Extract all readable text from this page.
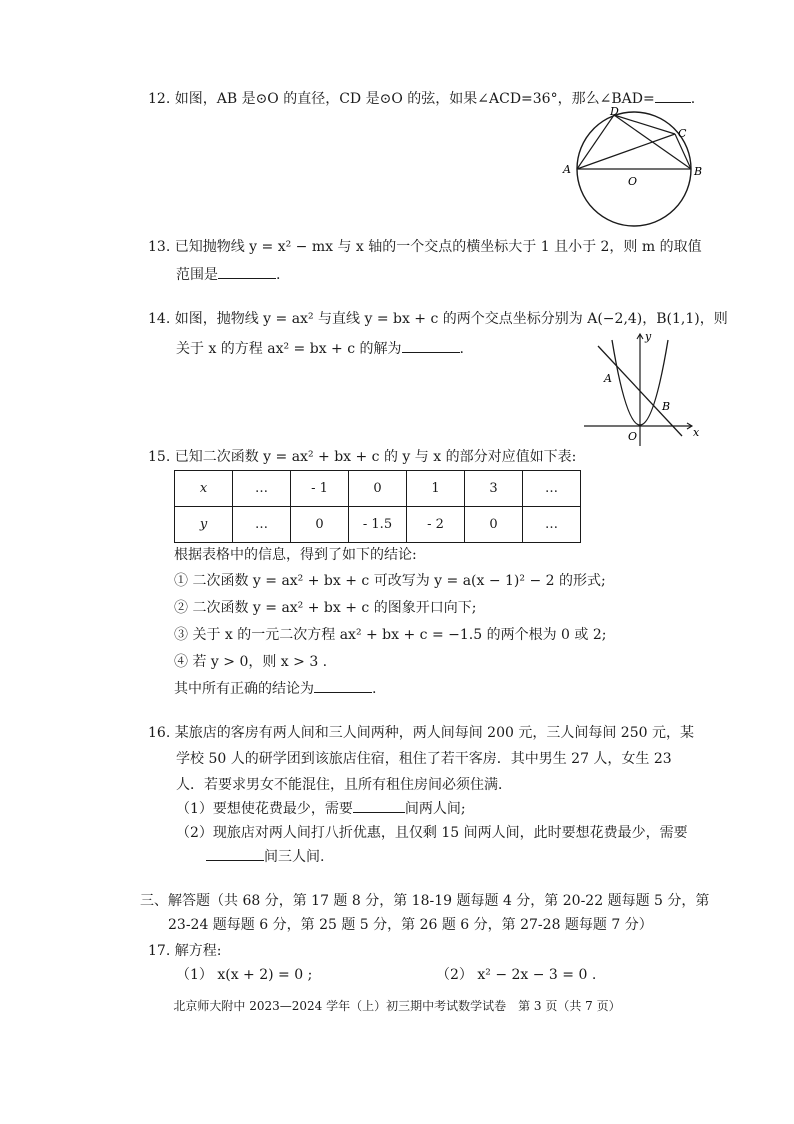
12. 如图，AB 是⊙O 的直径，CD 是⊙O 的弦，如果∠ACD=36°，那么∠BAD=	.
A	B
C
D
O
13. 已知抛物线 y = x² − mx 与 x 轴的一个交点的横坐标大于 1 且小于 2，则 m 的取值
范围是	.
14. 如图，抛物线 y = ax² 与直线 y = bx + c 的两个交点坐标分别为 A(−2,4)，B(1,1)，则
关于 x 的方程 ax² = bx + c 的解为	.
y
x
O
A
B
15. 已知二次函数 y = ax² + bx + c 的 y 与 x 的部分对应值如下表:
x	…	- 1	0	1	3	…
y	…	0	- 1.5	- 2	0	…
根据表格中的信息，得到了如下的结论:
① 二次函数 y = ax² + bx + c 可改写为 y = a(x − 1)² − 2 的形式;
② 二次函数 y = ax² + bx + c 的图象开口向下;
③ 关于 x 的一元二次方程 ax² + bx + c = −1.5 的两个根为 0 或 2;
④ 若 y > 0，则 x > 3 .
其中所有正确的结论为	.
16. 某旅店的客房有两人间和三人间两种，两人间每间 200 元，三人间每间 250 元，某
学校 50 人的研学团到该旅店住宿，租住了若干客房．其中男生 27 人，女生 23
人．若要求男女不能混住，且所有租住房间必须住满．
（1）要想使花费最少，需要	间两人间;
（2）现旅店对两人间打八折优惠，且仅剩 15 间两人间，此时要想花费最少，需要
间三人间.
三、解答题（共 68 分，第 17 题 8 分，第 18-19 题每题 4 分，第 20-22 题每题 5 分，第
23-24 题每题 6 分，第 25 题 5 分，第 26 题 6 分，第 27-28 题每题 7 分）
17. 解方程:
（1） x(x + 2) = 0 ;	（2） x² − 2x − 3 = 0 .
北京师大附中 2023—2024 学年（上）初三期中考试数学试卷　第 3 页（共 7 页）
